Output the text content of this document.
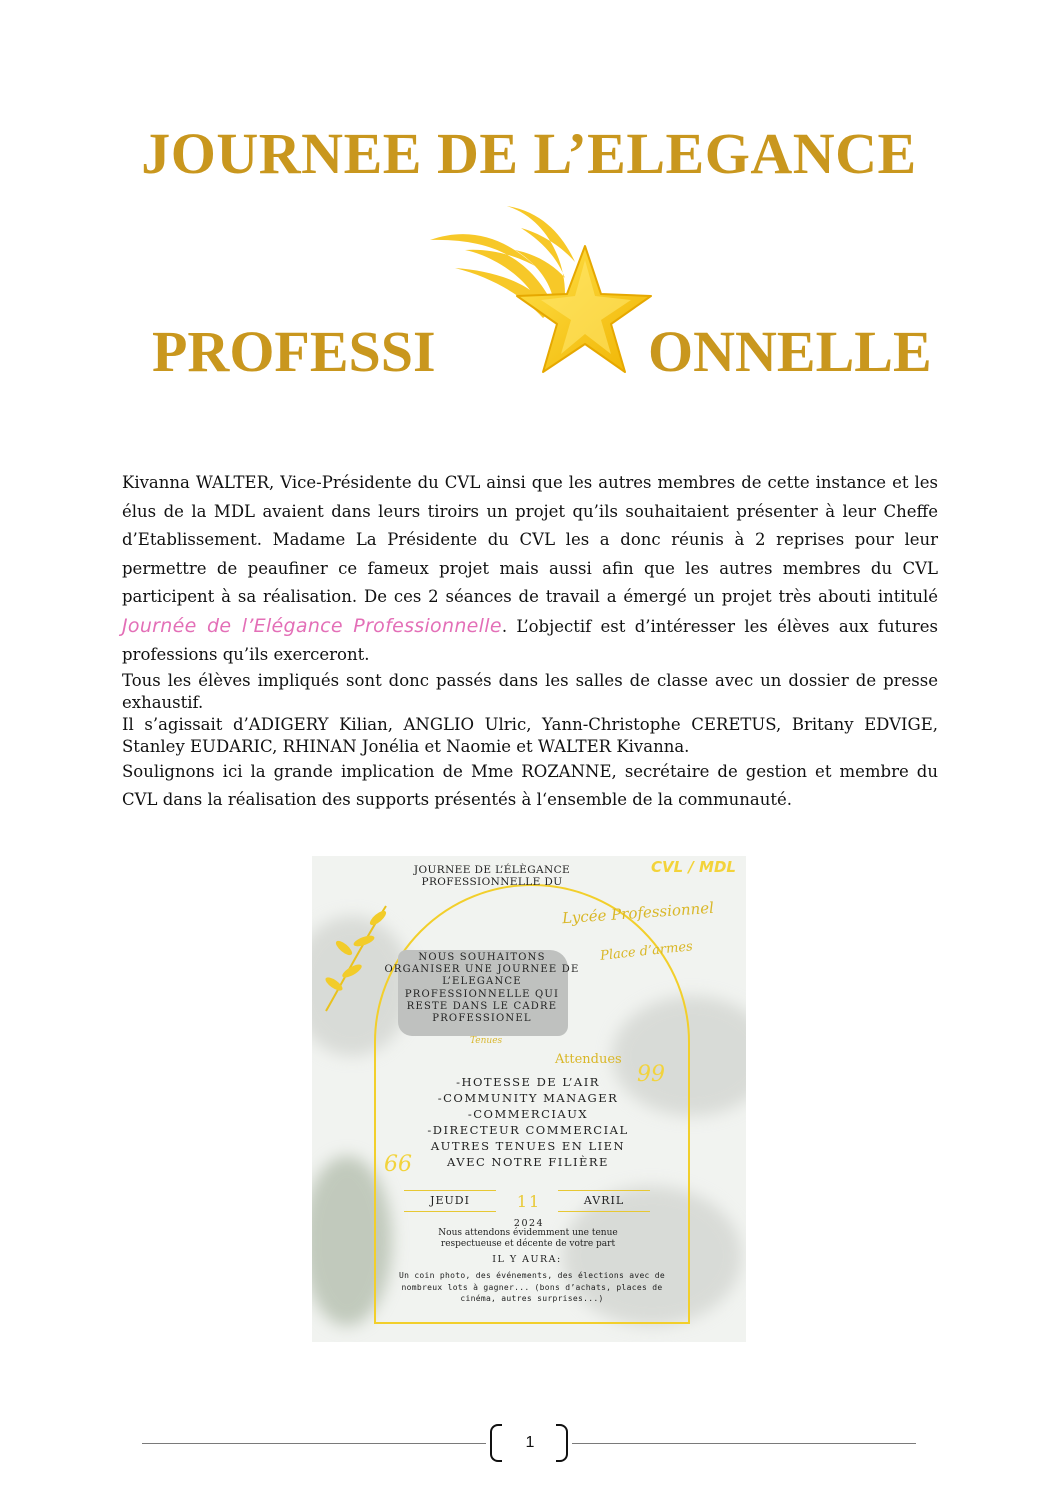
JOURNEE DE L’ELEGANCE
PROFESSI	ONNELLE

Kivanna WALTER, Vice-Présidente du CVL ainsi que les autres membres de cette instance et les élus de la MDL avaient dans leurs tiroirs un projet qu’ils souhaitaient présenter à leur Cheffe d’Etablissement. Madame La Présidente du CVL les a donc réunis à 2 reprises pour leur permettre de peaufiner ce fameux projet mais aussi afin que les autres membres du CVL participent à sa réalisation. De ces 2 séances de travail a émergé un projet très abouti intitulé Journée de l’Elégance Professionnelle. L’objectif est d’intéresser les élèves aux futures professions qu’ils exerceront.

Tous les élèves impliqués sont donc passés dans les salles de classe avec un dossier de presse exhaustif.

Il s’agissait d’ADIGERY Kilian, ANGLIO Ulric, Yann-Christophe CERETUS, Britany EDVIGE, Stanley EUDARIC, RHINAN Jonélia et Naomie et WALTER Kivanna.

Soulignons ici la grande implication de Mme ROZANNE, secrétaire de gestion et membre du CVL dans la réalisation des supports présentés à l‘ensemble de la communauté.

JOURNEE DE L’ÉLÈGANCE PROFESSIONNELLE DU
CVL / MDL
Lycée Professionnel
Place d’armes
NOUS SOUHAITONS ORGANISER UNE JOURNEE DE L’ELEGANCE PROFESSIONNELLE QUI RESTE DANS LE CADRE PROFESSIONEL
Tenues
Attendues
99
-HOTESSE DE L’AIR
-COMMUNITY MANAGER
-COMMERCIAUX
-DIRECTEUR COMMERCIAL
AUTRES TENUES EN LIEN
AVEC NOTRE FILIÈRE
66
JEUDI	11	AVRIL
2024
Nous attendons évidemment une tenue respectueuse et décente de votre part
IL Y AURA:
Un coin photo, des événements, des élections avec de nombreux lots à gagner... (bons d’achats, places de cinéma, autres surprises...)
1
